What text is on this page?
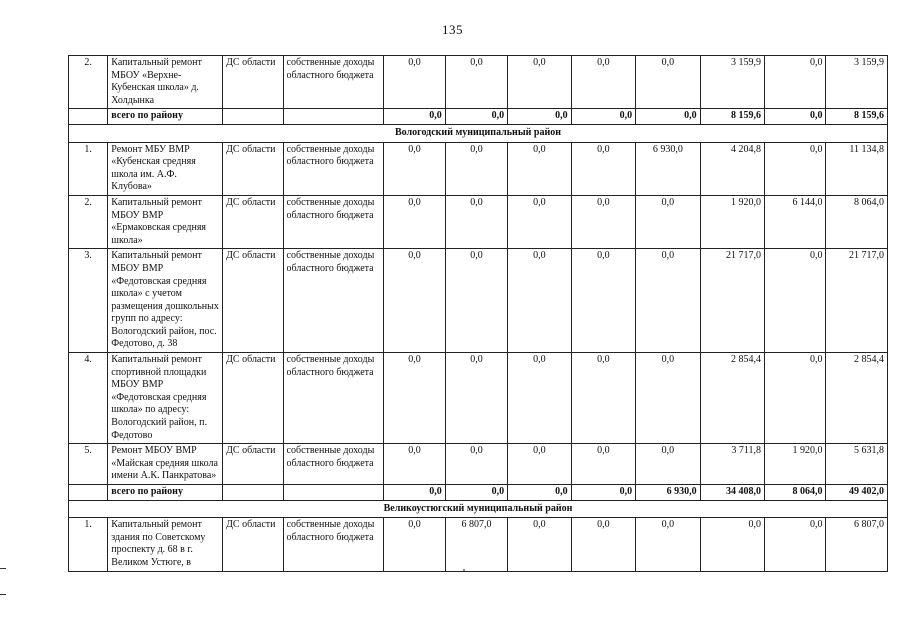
135
2.	Капитальный ремонт МБОУ «Верхне-Кубенская школа» д. Холдынка	ДС области	собственные доходы областного бюджета	0,0	0,0	0,0	0,0	0,0	3 159,9	0,0	3 159,9
	всего по району			0,0	0,0	0,0	0,0	0,0	8 159,6	0,0	8 159,6
Вологодский муниципальный район											
1.	Ремонт МБУ ВМР «Кубенская средняя школа им. А.Ф. Клубова»	ДС области	собственные доходы областного бюджета	0,0	0,0	0,0	0,0	6 930,0	4 204,8	0,0	11 134,8
2.	Капитальный ремонт МБОУ ВМР «Ермаковская средняя школа»	ДС области	собственные доходы областного бюджета	0,0	0,0	0,0	0,0	0,0	1 920,0	6 144,0	8 064,0
3.	Капитальный ремонт МБОУ ВМР «Федотовская средняя школа» с учетом размещения дошкольных групп по адресу: Вологодский район, пос. Федотово, д. 38	ДС области	собственные доходы областного бюджета	0,0	0,0	0,0	0,0	0,0	21 717,0	0,0	21 717,0
4.	Капитальный ремонт спортивной площадки МБОУ ВМР «Федотовская средняя школа» по адресу: Вологодский район, п. Федотово	ДС области	собственные доходы областного бюджета	0,0	0,0	0,0	0,0	0,0	2 854,4	0,0	2 854,4
5.	Ремонт МБОУ ВМР «Майская средняя школа имени А.К. Панкратова»	ДС области	собственные доходы областного бюджета	0,0	0,0	0,0	0,0	0,0	3 711,8	1 920,0	5 631,8
	всего по району			0,0	0,0	0,0	0,0	6 930,0	34 408,0	8 064,0	49 402,0
Великоустюгский муниципальный район											
1.	Капитальный ремонт здания по Советскому проспекту д. 68 в г. Великом Устюге, в	ДС области	собственные доходы областного бюджета	0,0	6 807,0	0,0	0,0	0,0	0,0	0,0	6 807,0
